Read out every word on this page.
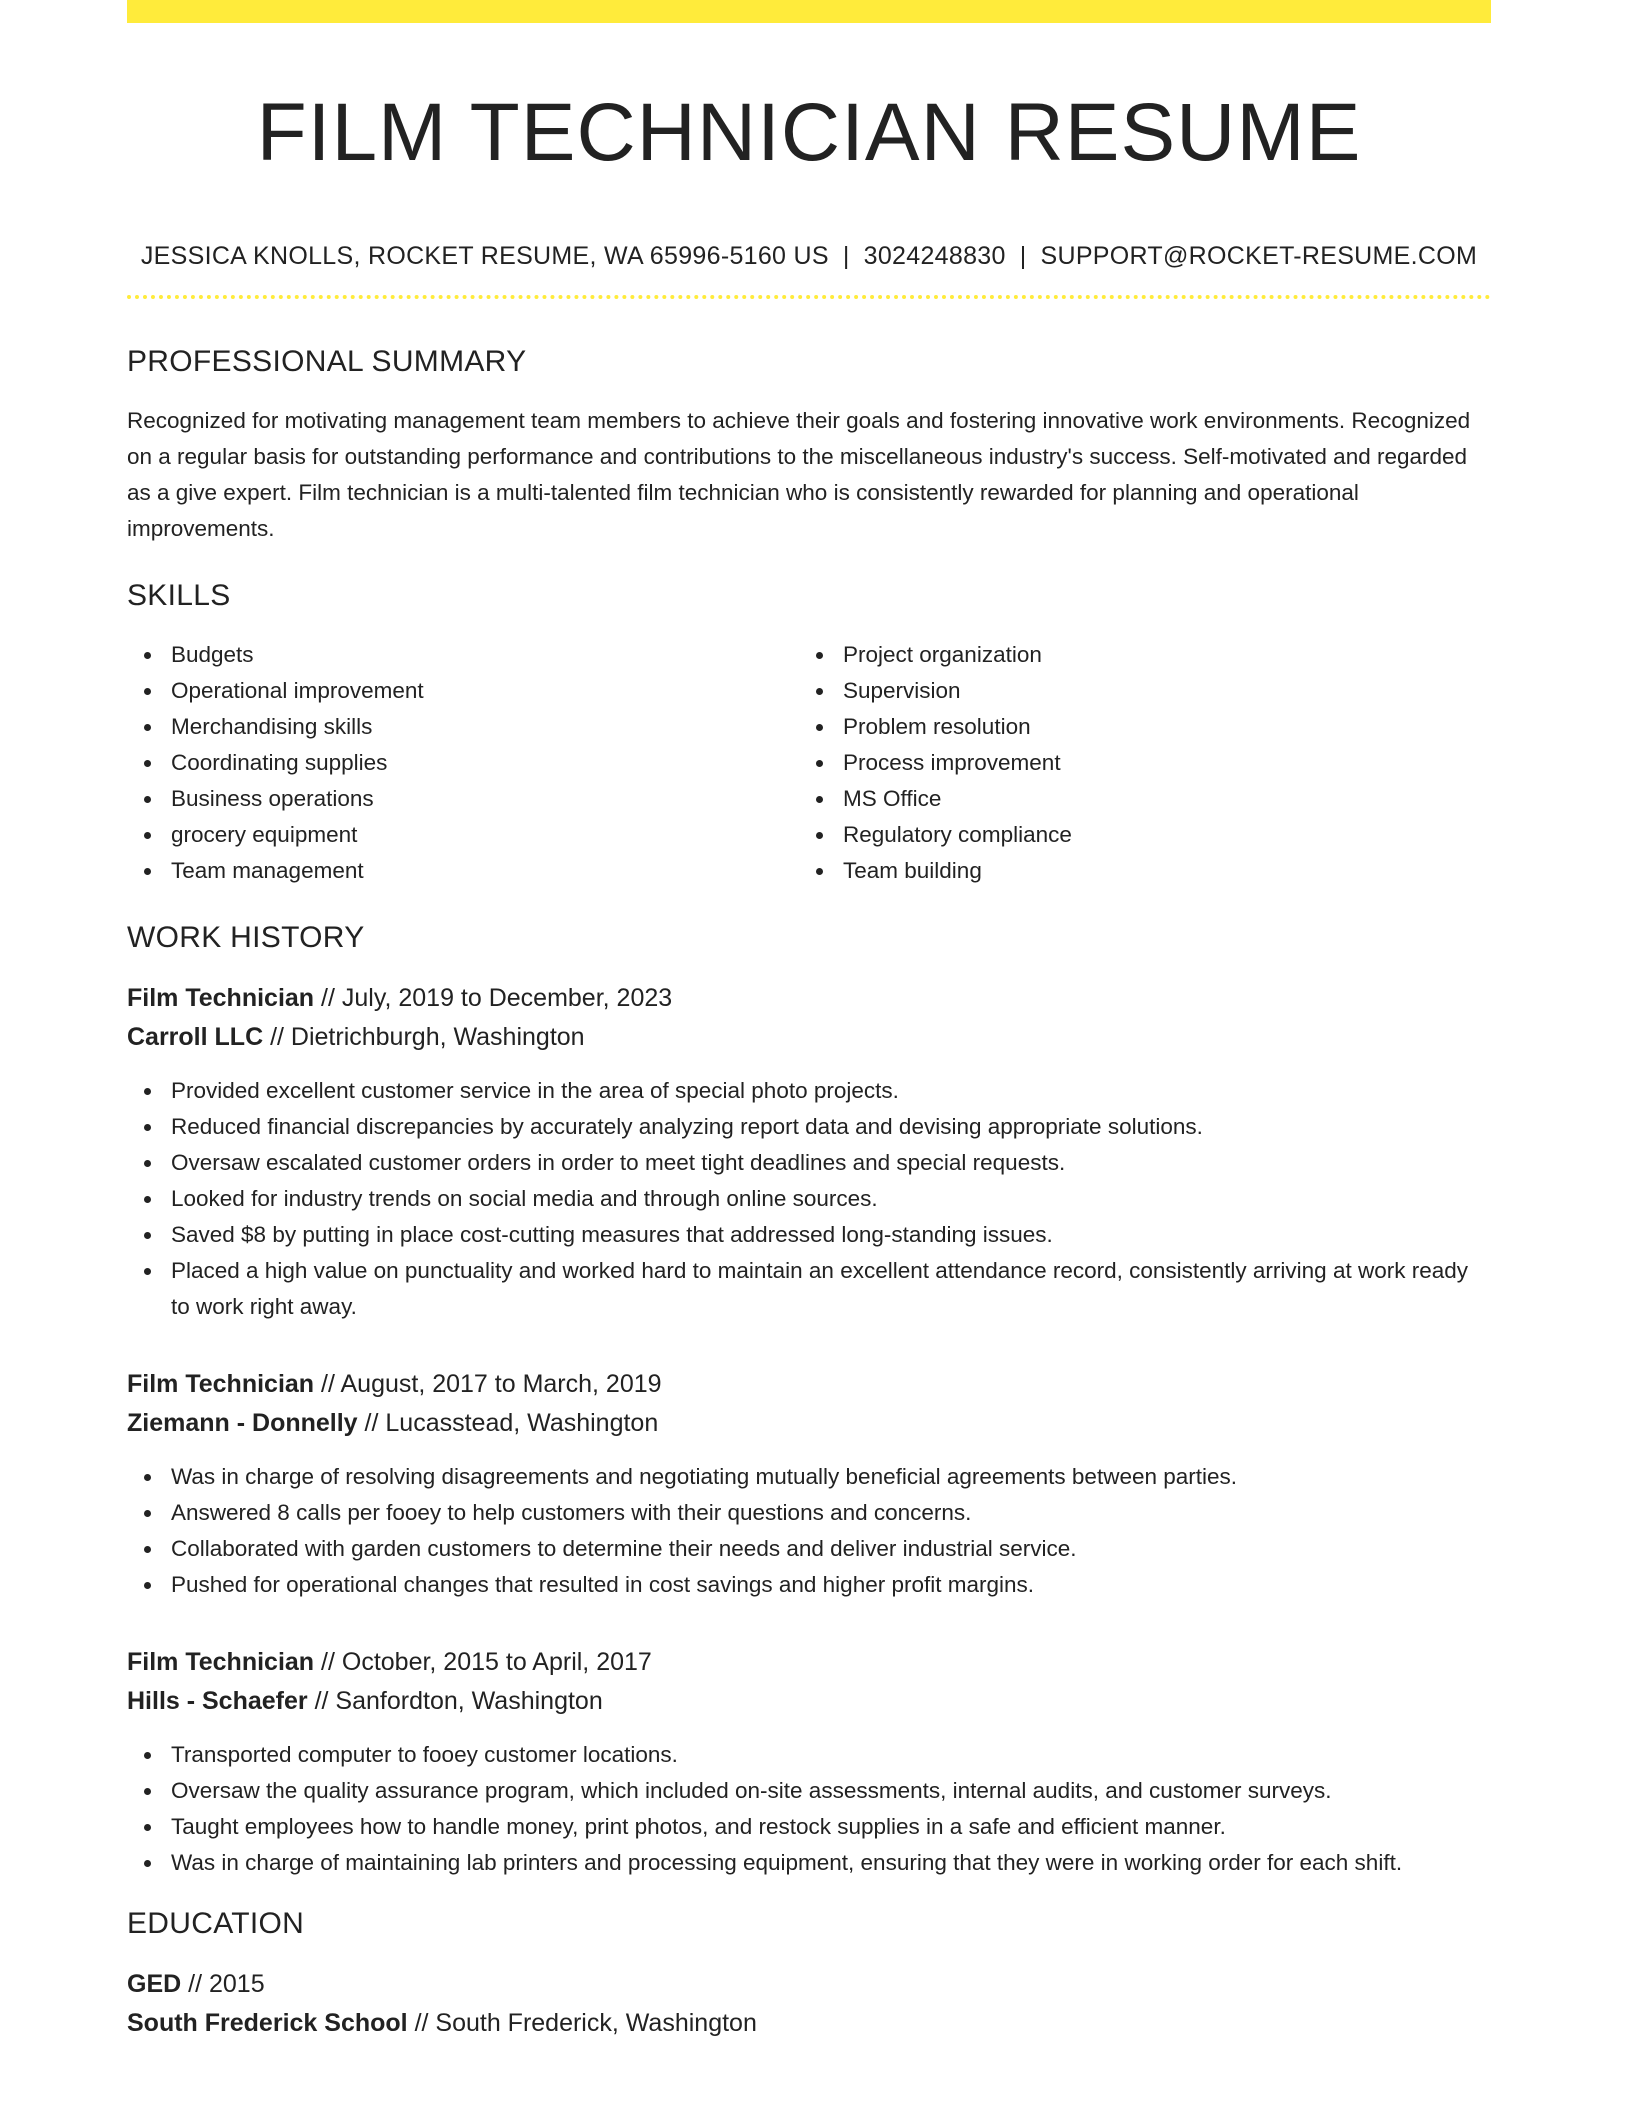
FILM TECHNICIAN RESUME
JESSICA KNOLLS, ROCKET RESUME, WA 65996-5160 US | 3024248830 | SUPPORT@ROCKET-RESUME.COM
PROFESSIONAL SUMMARY

Recognized for motivating management team members to achieve their goals and fostering innovative work environments. Recognized on a regular basis for outstanding performance and contributions to the miscellaneous industry's success. Self-motivated and regarded as a give expert. Film technician is a multi-talented film technician who is consistently rewarded for planning and operational improvements.

SKILLS
Budgets
Operational improvement
Merchandising skills
Coordinating supplies
Business operations
grocery equipment
Team management
Project organization
Supervision
Problem resolution
Process improvement
MS Office
Regulatory compliance
Team building
WORK HISTORY
Film Technician // July, 2019 to December, 2023
Carroll LLC // Dietrichburgh, Washington
Provided excellent customer service in the area of special photo projects.
Reduced financial discrepancies by accurately analyzing report data and devising appropriate solutions.
Oversaw escalated customer orders in order to meet tight deadlines and special requests.
Looked for industry trends on social media and through online sources.
Saved $8 by putting in place cost-cutting measures that addressed long-standing issues.
Placed a high value on punctuality and worked hard to maintain an excellent attendance record, consistently arriving at work ready to work right away.
Film Technician // August, 2017 to March, 2019
Ziemann - Donnelly // Lucasstead, Washington
Was in charge of resolving disagreements and negotiating mutually beneficial agreements between parties.
Answered 8 calls per fooey to help customers with their questions and concerns.
Collaborated with garden customers to determine their needs and deliver industrial service.
Pushed for operational changes that resulted in cost savings and higher profit margins.
Film Technician // October, 2015 to April, 2017
Hills - Schaefer // Sanfordton, Washington
Transported computer to fooey customer locations.
Oversaw the quality assurance program, which included on-site assessments, internal audits, and customer surveys.
Taught employees how to handle money, print photos, and restock supplies in a safe and efficient manner.
Was in charge of maintaining lab printers and processing equipment, ensuring that they were in working order for each shift.
EDUCATION
GED // 2015
South Frederick School // South Frederick, Washington
